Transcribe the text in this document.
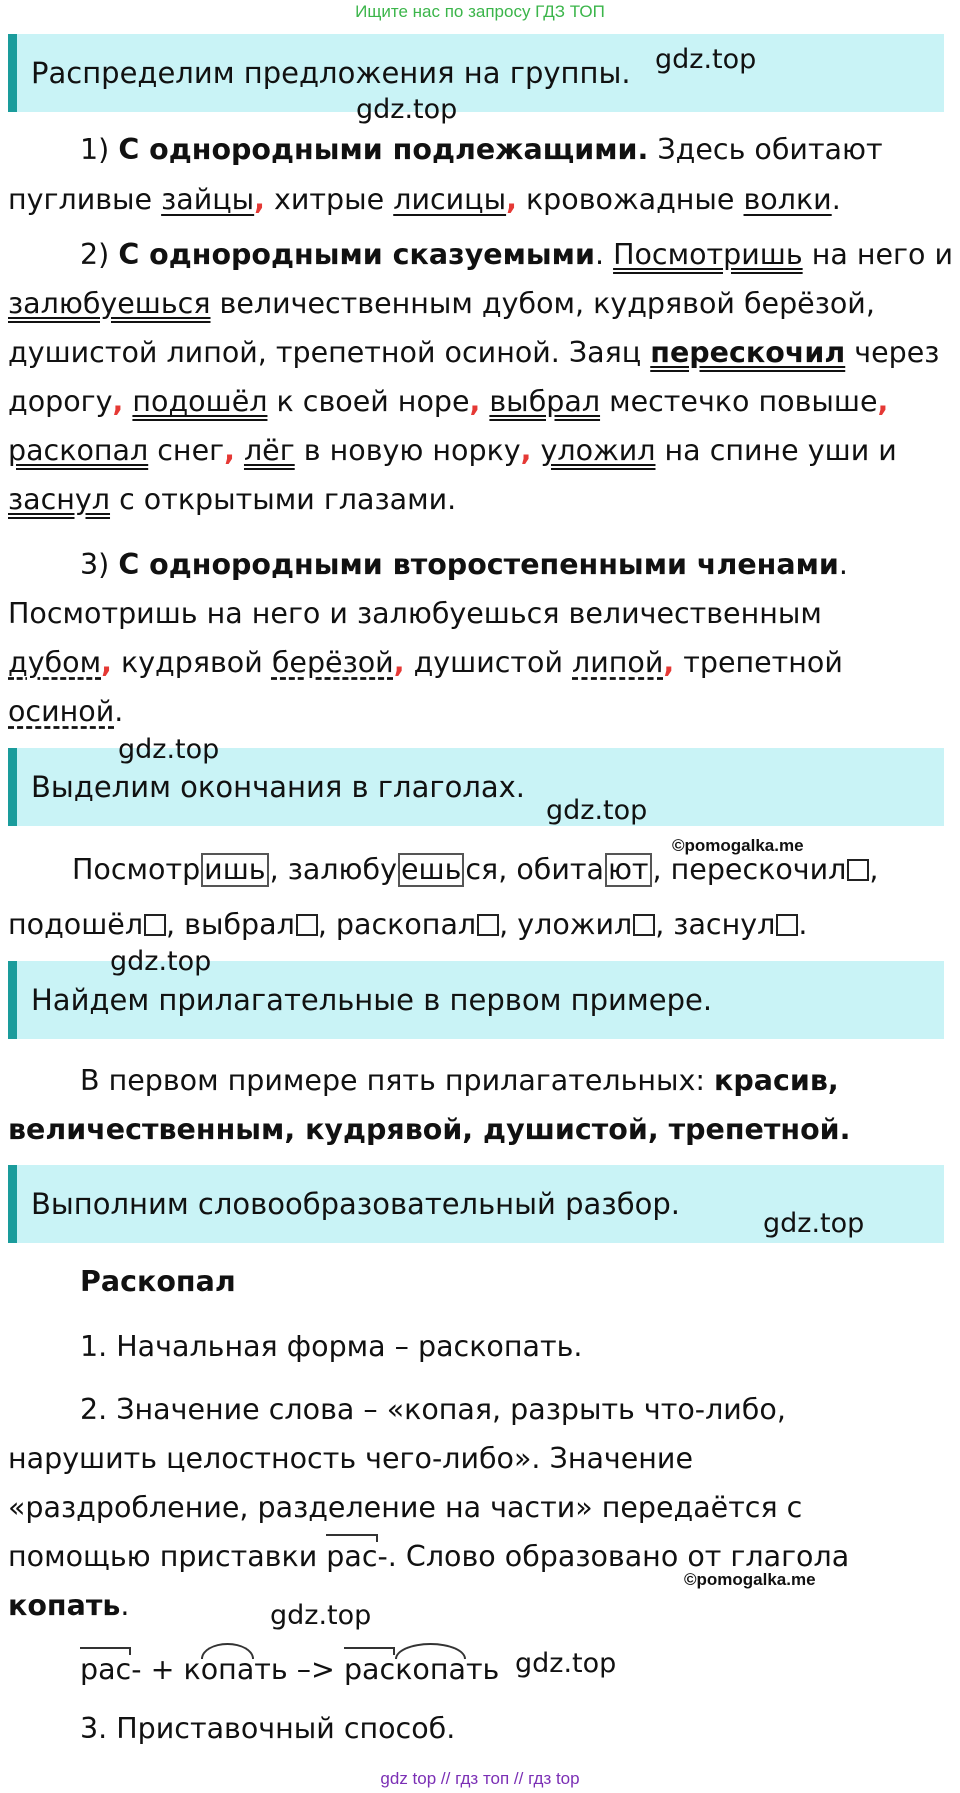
Ищите нас по запросу ГДЗ ТОП
Распределим предложения на группы. gdz.top
gdz.top
1) С однородными подлежащими. Здесь обитают
пугливые зайцы, хитрые лисицы, кровожадные волки.
2) С однородными сказуемыми. Посмотришь на него и
залюбуешься величественным дубом, кудрявой берёзой,
душистой липой, трепетной осиной. Заяц перескочил через
дорогу, подошёл к своей норе, выбрал местечко повыше,
раскопал снег, лёг в новую норку, уложил на спине уши и
заснул с открытыми глазами.
3) С однородными второстепенными членами.
Посмотришь на него и залюбуешься величественным
дубом, кудрявой берёзой, душистой липой, трепетной
осиной.
Выделим окончания в глаголах.
gdz.top
gdz.top
©pomogalka.me
Посмотр ишь , залюбу ешь ся, обита ют , перескочил ,
подошёл , выбрал , раскопал , уложил , заснул .
Найдем прилагательные в первом примере.
gdz.top
В первом примере пять прилагательных: красив,
величественным, кудрявой, душистой, трепетной.
Выполним словообразовательный разбор.
gdz.top
Раскопал
1. Начальная форма – раскопать.
2. Значение слова – «копая, разрыть что-либо,
нарушить целостность чего-либо». Значение
«раздробление, разделение на части» передаётся с
помощью приставки рас-. Слово образовано от глагола
©pomogalka.me
копать.	gdz.top
рас- + копать –> раскопать gdz.top
3. Приставочный способ.
gdz top // гдз топ // гдз top
